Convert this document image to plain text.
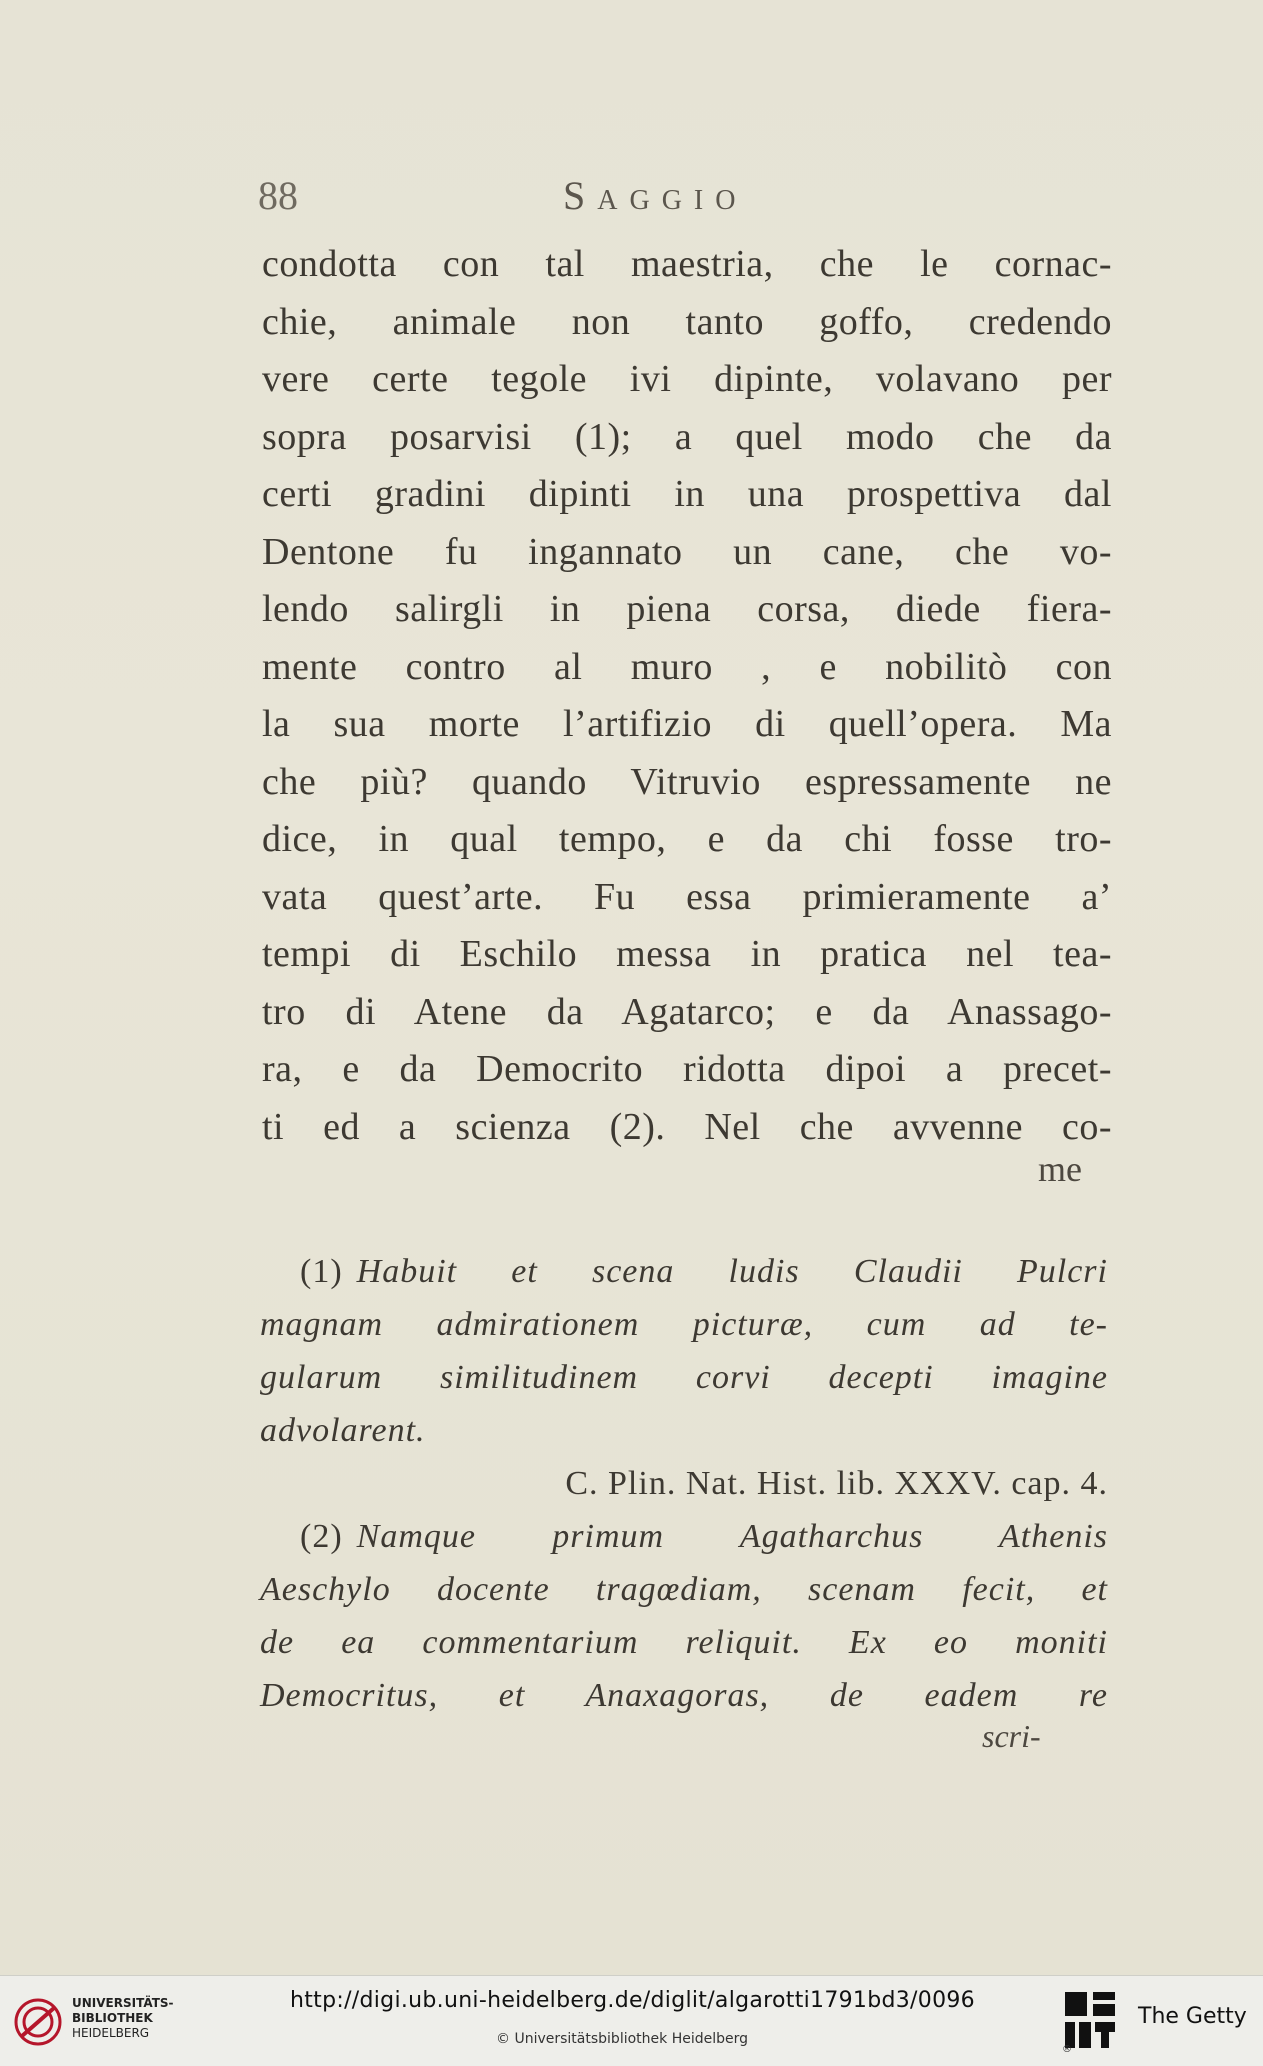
88	Saggio
condotta con tal maestria, che le cornac-
chie, animale non tanto goffo, credendo
vere certe tegole ivi dipinte, volavano per
sopra posarvisi (1); a quel modo che da
certi gradini dipinti in una prospettiva dal
Dentone fu ingannato un cane, che vo-
lendo salirgli in piena corsa, diede fiera-
mente contro al muro , e nobilitò con
la sua morte l’artifizio di quell’opera. Ma
che più? quando Vitruvio espressamente ne
dice, in qual tempo, e da chi fosse tro-
vata quest’arte. Fu essa primieramente a’
tempi di Eschilo messa in pratica nel tea-
tro di Atene da Agatarco; e da Anassago-
ra, e da Democrito ridotta dipoi a precet-
ti ed a scienza (2). Nel che avvenne co-
me
(1) Habuit et scena ludis Claudii Pulcri
magnam admirationem picturæ, cum ad te-
gularum similitudinem corvi decepti imagine
advolarent.
C. Plin. Nat. Hist. lib. XXXV. cap. 4.
(2) Namque primum Agatharchus Athenis
Aeschylo docente tragœdiam, scenam fecit, et
de ea commentarium reliquit. Ex eo moniti
Democritus, et Anaxagoras, de eadem re
scri-
UNIVERSITÄTS-
BIBLIOTHEK
HEIDELBERG
http://digi.ub.uni-heidelberg.de/diglit/algarotti1791bd3/0096
© Universitätsbibliothek Heidelberg
®
The Getty
